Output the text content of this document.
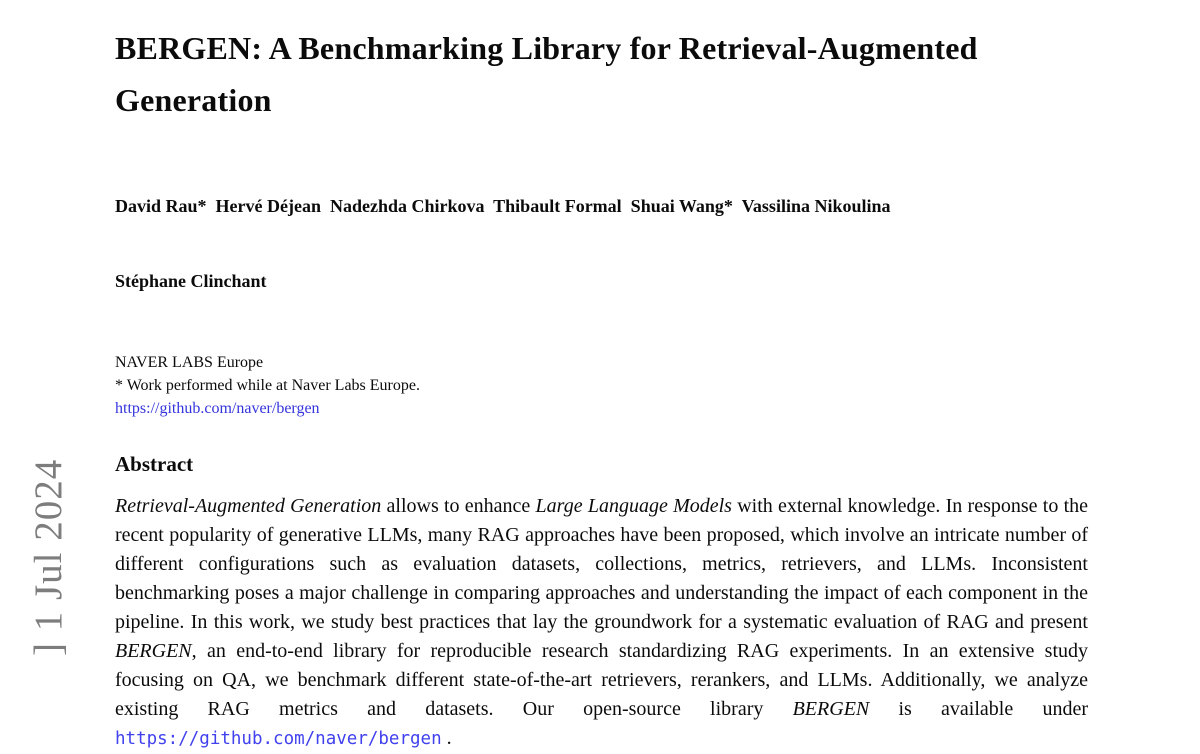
] 1 Jul 2024
BERGEN: A Benchmarking Library for Retrieval-Augmented Generation

David Rau*  Hervé Déjean  Nadezhda Chirkova  Thibault Formal  Shuai Wang*  Vassilina Nikoulina

Stéphane Clinchant

NAVER LABS Europe
* Work performed while at Naver Labs Europe.
https://github.com/naver/bergen
Abstract

Retrieval-Augmented Generation allows to enhance Large Language Models with external knowledge. In response to the recent popularity of generative LLMs, many RAG approaches have been proposed, which involve an intricate number of different configurations such as evaluation datasets, collections, metrics, retrievers, and LLMs. Inconsistent benchmarking poses a major challenge in comparing approaches and understanding the impact of each component in the pipeline. In this work, we study best practices that lay the groundwork for a systematic evaluation of RAG and present BERGEN, an end-to-end library for reproducible research standardizing RAG experiments. In an extensive study focusing on QA, we benchmark different state-of-the-art retrievers, rerankers, and LLMs. Additionally, we analyze existing RAG metrics and datasets. Our open-source library BERGEN is available under https://github.com/naver/bergen .
